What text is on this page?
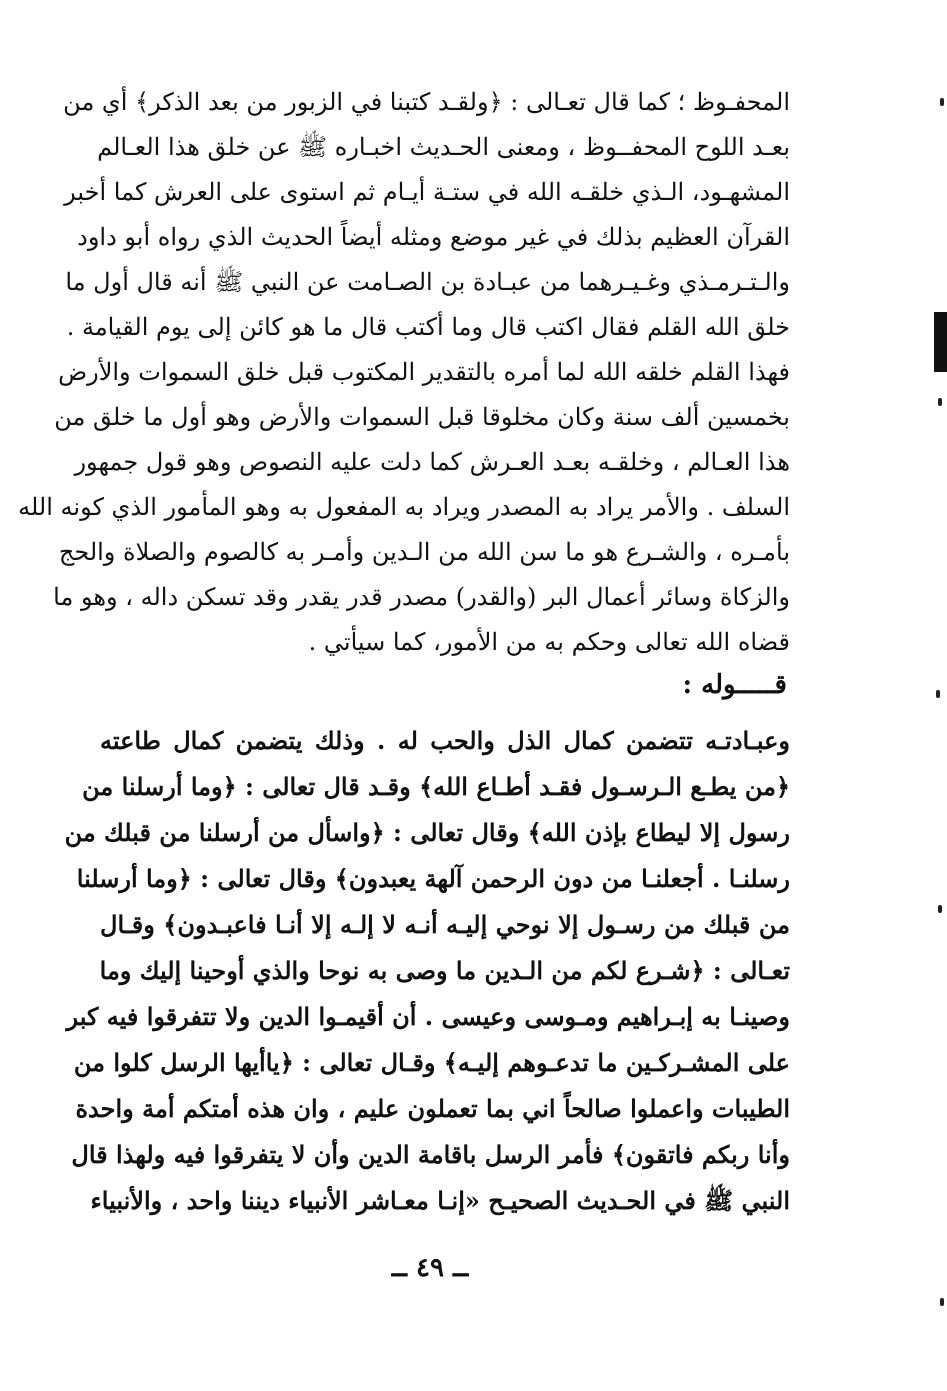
المحفـوظ ؛ كما قال تعـالى : ﴿ولقـد كتبنا في الزبور من بعد الذكر﴾ أي من
بعـد اللوح المحفــوظ ، ومعنى الحـديث اخبـاره ﷺ عن خلق هذا العـالم
المشهـود، الـذي خلقـه الله في ستـة أيـام ثم استوى على العرش كما أخبر
القرآن العظيم بذلك في غير موضع ومثله أيضاً الحديث الذي رواه أبو داود
والـتـرمـذي وغـيـرهما من عبـادة بن الصـامت عن النبي ﷺ أنه قال أول ما
خلق الله القلم فقال اكتب قال وما أكتب قال ما هو كائن إلى يوم القيامة .
فهذا القلم خلقه الله لما أمره بالتقدير المكتوب قبل خلق السموات والأرض
بخمسين ألف سنة وكان مخلوقا قبل السموات والأرض وهو أول ما خلق من
هذا العـالم ، وخلقـه بعـد العـرش كما دلت عليه النصوص وهو قول جمهور
السلف . والأمر يراد به المصدر ويراد به المفعول به وهو المأمور الذي كونه الله
بأمـره ، والشـرع هو ما سن الله من الـدين وأمـر به كالصوم والصلاة والحج
والزكاة وسائر أعمال البر (والقدر) مصدر قدر يقدر وقد تسكن داله ، وهو ما
قضاه الله تعالى وحكم به من الأمور، كما سيأتي .
قـــــوله :
وعبـادتـه تتضمن كمال الذل والحب له . وذلك يتضمن كمال طاعته
﴿من يطـع الـرسـول فقـد أطـاع الله﴾ وقـد قال تعالى : ﴿وما أرسلنا من
رسول إلا ليطاع بإذن الله﴾ وقال تعالى : ﴿واسأل من أرسلنا من قبلك من
رسلنـا . أجعلنـا من دون الرحمن آلهة يعبدون﴾ وقال تعالى : ﴿وما أرسلنا
من قبلك من رسـول إلا نوحي إليـه أنـه لا إلـه إلا أنـا فاعبـدون﴾ وقـال
تعـالى : ﴿شـرع لكم من الـدين ما وصى به نوحا والذي أوحينا إليك وما
وصينـا به إبـراهيم ومـوسى وعيسى . أن أقيمـوا الدين ولا تتفرقوا فيه كبر
على المشـركـين ما تدعـوهم إليـه﴾ وقـال تعالى : ﴿ياأيها الرسل كلوا من
الطيبات واعملوا صالحاً اني بما تعملون عليم ، وان هذه أمتكم أمة واحدة
وأنا ربكم فاتقون﴾ فأمر الرسل باقامة الدين وأن لا يتفرقوا فيه ولهذا قال
النبي ﷺ في الحـديث الصحيـح «إنـا معـاشر الأنبياء ديننا واحد ، والأنبياء
ــ ٤٩ ــ
